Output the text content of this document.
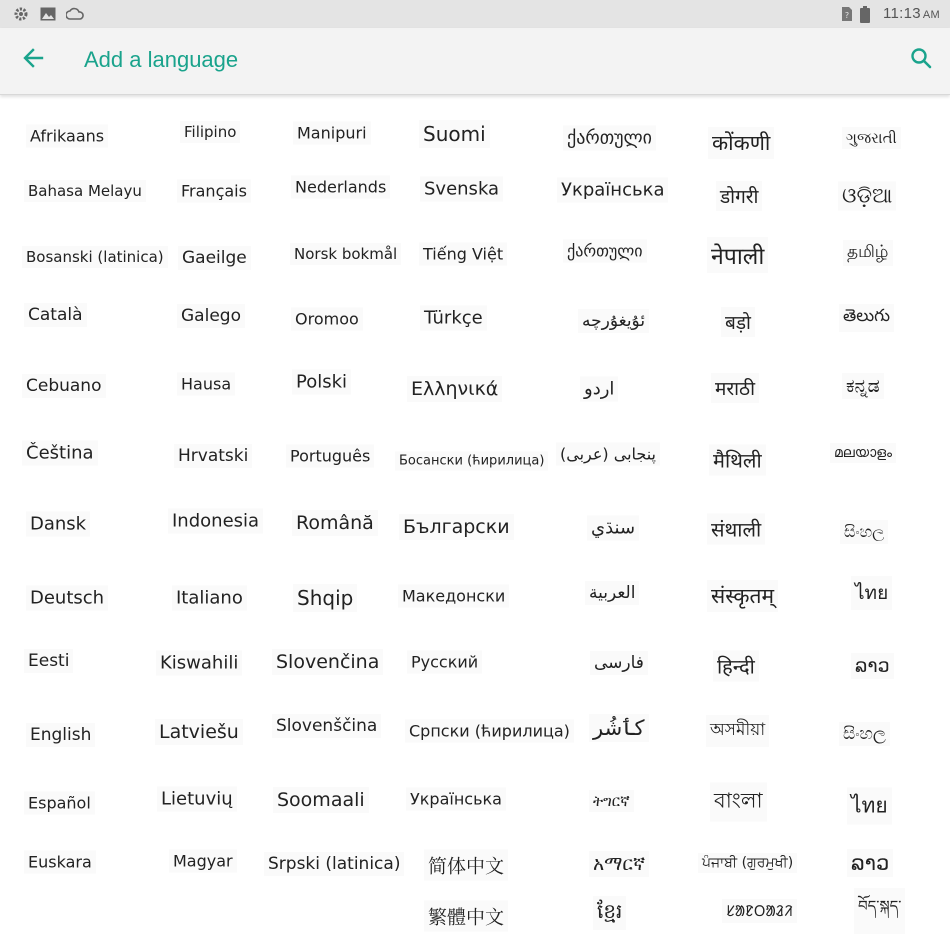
? 11:13 AM
Add a language
Afrikaans
Bahasa Melayu
Bosanski (latinica)
Català
Cebuano
Čeština
Dansk
Deutsch
Eesti
English
Español
Euskara
Filipino
Français
Gaeilge
Galego
Hausa
Hrvatski
Indonesia
Italiano
Kiswahili
Latviešu
Lietuvių
Magyar
Manipuri
Nederlands
Norsk bokmål
Oromoo
Polski
Português
Română
Shqip
Slovenčina
Slovenščina
Soomaali
Srpski (latinica)
Suomi
Svenska
Tiếng Việt
Türkçe
Ελληνικά
Босански (ћирилица)
Български
Македонски
Русский
Српски (ћирилица)
Українська
简体中文
繁體中文
ქართული
Українська
ქართული
ئۇيغۇرچە
اردو
پنجابی (عربی)
سنڌي
العربية
فارسی
کٲشُر
ትግርኛ
አማርኛ
ខ្មែរ
कोंकणी
डोगरी
नेपाली
बड़ो
मराठी
मैथिली
संथाली
संस्कृतम्
हिन्दी
অসমীয়া
বাংলা
ਪੰਜਾਬੀ (ਗੁਰਮੁਖੀ)
ᱥᱟᱱᱛᱟᱲᱤ
ગુજરાતી
ଓଡ଼ିଆ
தமிழ்
తెలుగు
ಕನ್ನಡ
മലയാളം
සිංහල
ไทย
ລາວ
සිංහල
ไทย
ລາວ
བོད་སྐད་
